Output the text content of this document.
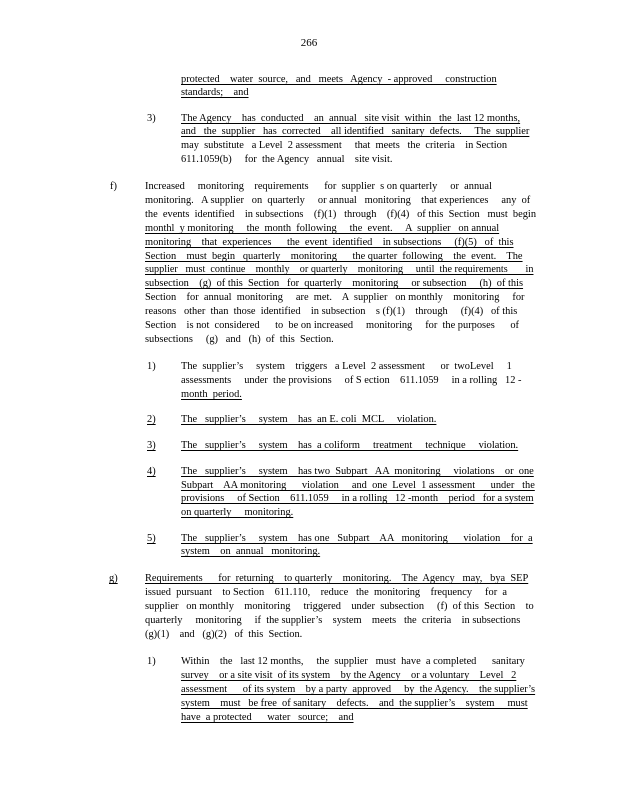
266
protected    water  source,   and   meets   Agency  - approved     construction
standards;    and
3) The Agency    has  conducted    an  annual   site visit  within   the  last 12 months,
and   the  supplier   has  corrected    all identified   sanitary  defects.     The  supplier
may  substitute   a Level  2 assessment     that  meets   the  criteria    in Section
611.1059(b)     for  the Agency   annual    site visit.
f)	Increased     monitoring    requirements      for  supplier  s on quarterly     or  annual
monitoring.   A supplier   on  quarterly     or annual   monitoring    that experiences     any  of
the  events  identified    in subsections    (f)(1)   through    (f)(4)   of this  Section   must  begin
monthl  y monitoring     the  month  following     the  event.     A  supplier   on annual
monitoring    that  experiences      the  event  identified    in subsections     (f)(5)   of  this
Section    must  begin   quarterly    monitoring      the quarter  following    the  event.    The
supplier   must  continue    monthly    or quarterly    monitoring     until  the requirements       in
subsection    (g)  of this  Section   for  quarterly    monitoring     or subsection     (h)  of this
Section    for  annual  monitoring     are  met.    A  supplier   on monthly    monitoring     for
reasons   other  than  those  identified    in subsection    s (f)(1)    through     (f)(4)   of this
Section    is not  considered      to  be on increased     monitoring     for  the purposes      of
subsections     (g)   and   (h)  of  this  Section.
1) The  supplier’s     system    triggers   a Level  2 assessment      or  twoLevel     1
assessments     under  the provisions     of S ection    611.1059     in a rolling   12 -
month  period.
2) The   supplier’s     system    has  an E. coli  MCL     violation.
3) The   supplier’s     system    has  a coliform     treatment     technique     violation.
4) The   supplier’s     system    has two  Subpart   AA  monitoring     violations    or  one
Subpart    AA monitoring      violation     and  one  Level  1 assessment      under   the
provisions     of Section    611.1059     in a rolling   12 -month    period   for a system
on quarterly     monitoring.
5) The   supplier’s     system    has one   Subpart    AA   monitoring      violation    for  a
system    on  annual   monitoring.
g)	Requirements      for  returning    to quarterly    monitoring.    The  Agency   may,   bya  SEP
issued  pursuant    to Section    611.110,    reduce   the  monitoring    frequency     for  a
supplier   on monthly    monitoring     triggered    under  subsection     (f)  of this  Section    to
quarterly     monitoring     if  the supplier’s    system    meets   the  criteria    in subsections
(g)(1)    and   (g)(2)   of  this  Section.
1) Within    the   last 12 months,     the  supplier   must  have  a completed      sanitary
survey    or a site visit  of its system    by the Agency    or a voluntary    Level   2
assessment      of its system    by a party  approved     by  the Agency.    the supplier’s
system    must   be free  of sanitary    defects.    and  the supplier’s    system     must
have  a protected      water   source;    and
